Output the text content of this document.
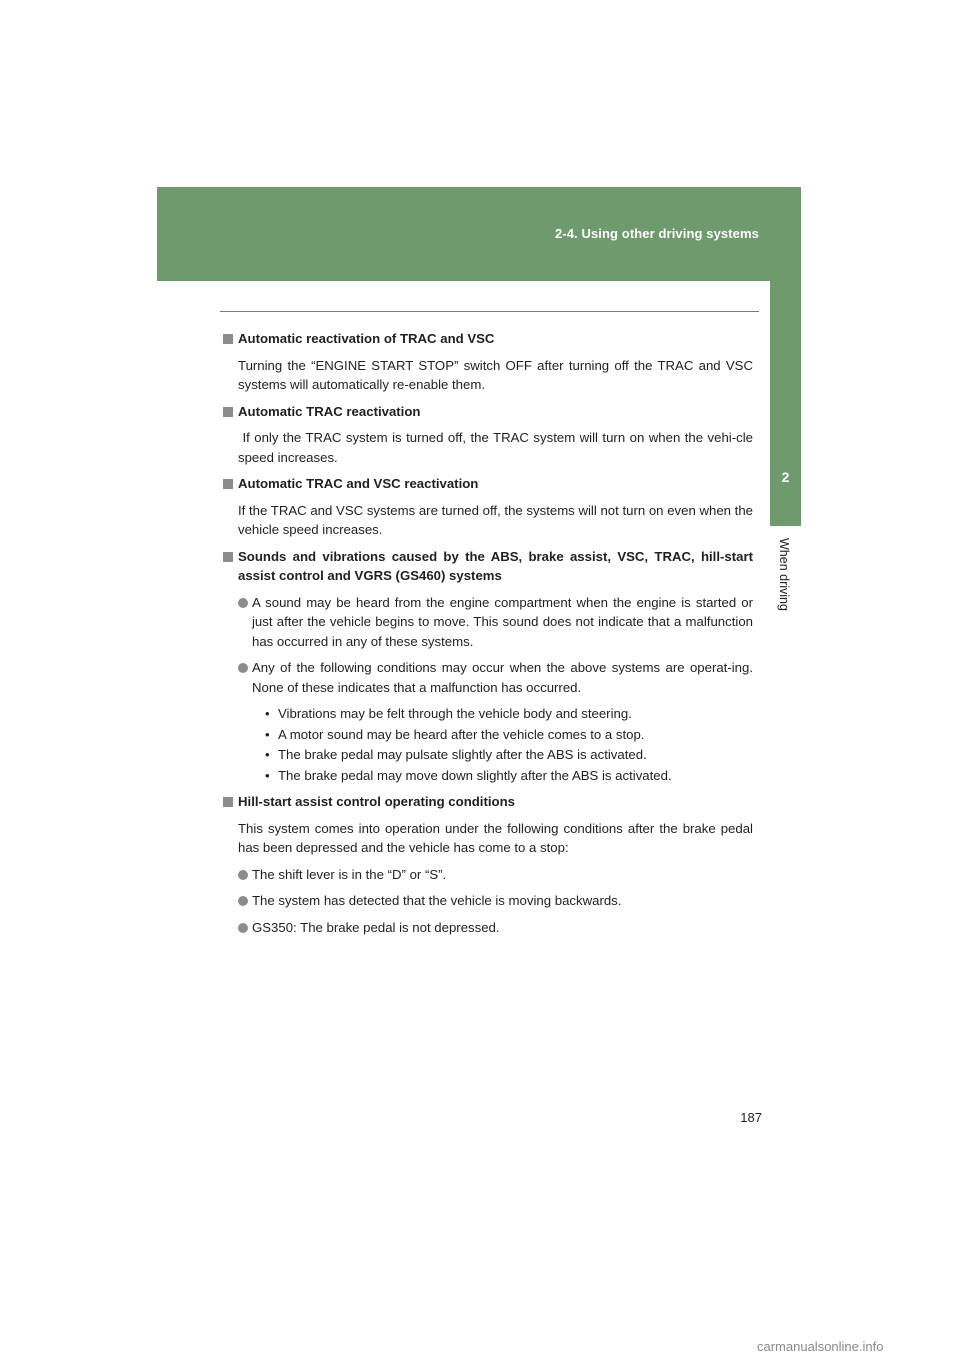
2-4. Using other driving systems
2
When driving
Automatic reactivation of TRAC and VSC
Turning the “ENGINE START STOP” switch OFF after turning off the TRAC and VSC systems will automatically re-enable them.
Automatic TRAC reactivation
If only the TRAC system is turned off, the TRAC system will turn on when the vehi-cle speed increases.
Automatic TRAC and VSC reactivation
If the TRAC and VSC systems are turned off, the systems will not turn on even when the vehicle speed increases.
Sounds and vibrations caused by the ABS, brake assist, VSC, TRAC, hill-start assist control and VGRS (GS460) systems
A sound may be heard from the engine compartment when the engine is started or just after the vehicle begins to move. This sound does not indicate that a malfunction has occurred in any of these systems.
Any of the following conditions may occur when the above systems are operat-ing. None of these indicates that a malfunction has occurred.
• Vibrations may be felt through the vehicle body and steering.
• A motor sound may be heard after the vehicle comes to a stop.
• The brake pedal may pulsate slightly after the ABS is activated.
• The brake pedal may move down slightly after the ABS is activated.
Hill-start assist control operating conditions
This system comes into operation under the following conditions after the brake pedal has been depressed and the vehicle has come to a stop:
The shift lever is in the “D” or “S”.
The system has detected that the vehicle is moving backwards.
GS350: The brake pedal is not depressed.
187
carmanualsonline.info
